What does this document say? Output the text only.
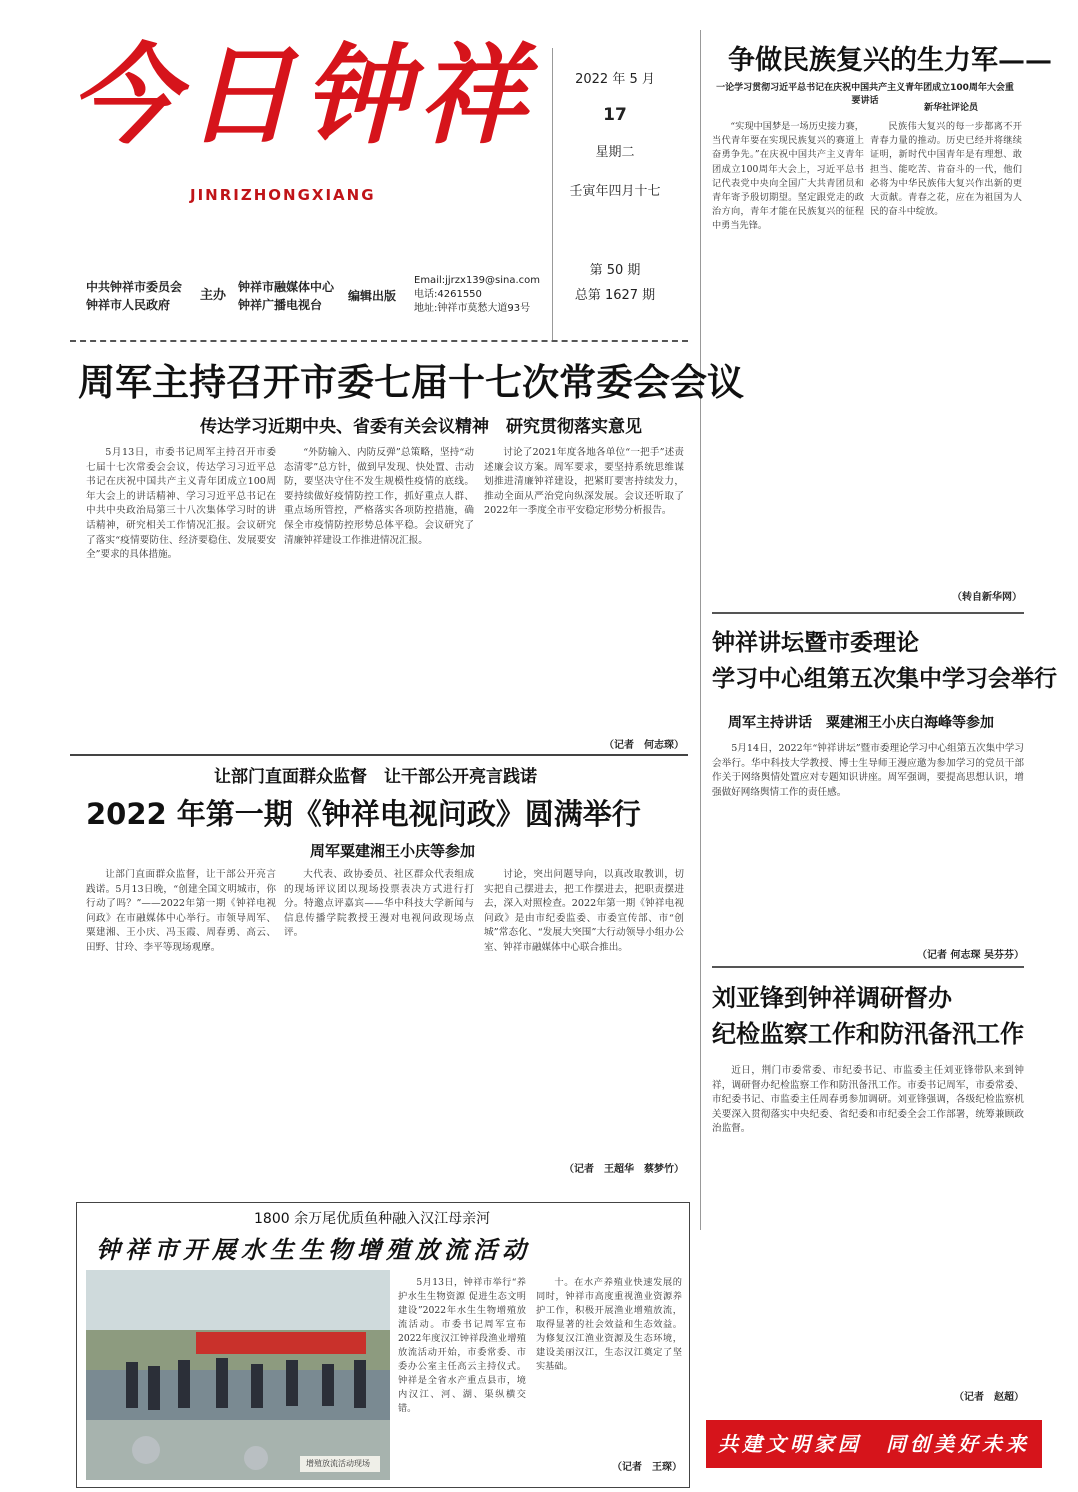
今日钟祥
JINRIZHONGXIANG
中共钟祥市委员会
钟祥市人民政府
主办
钟祥市融媒体中心
钟祥广播电视台
编辑出版
Email:jjrzx139@sina.com
电话:4261550
地址:钟祥市莫愁大道93号
2022 年 5 月
17
星期二
壬寅年四月十七
第 50 期
总第 1627 期
争做民族复兴的生力军——
一论学习贯彻习近平总书记在庆祝中国共产主义青年团成立100周年大会重要讲话
新华社评论员

“实现中国梦是一场历史接力赛，当代青年要在实现民族复兴的赛道上奋勇争先。”在庆祝中国共产主义青年团成立100周年大会上，习近平总书记代表党中央向全国广大共青团员和青年寄予殷切期望。坚定跟党走的政治方向，青年才能在民族复兴的征程中勇当先锋。

民族伟大复兴的每一步都离不开青春力量的推动。历史已经并将继续证明，新时代中国青年是有理想、敢担当、能吃苦、肯奋斗的一代，他们必将为中华民族伟大复兴作出新的更大贡献。青春之花，应在为祖国为人民的奋斗中绽放。

（转自新华网）
周军主持召开市委七届十七次常委会会议
传达学习近期中央、省委有关会议精神　研究贯彻落实意见

5月13日，市委书记周军主持召开市委七届十七次常委会会议，传达学习习近平总书记在庆祝中国共产主义青年团成立100周年大会上的讲话精神、学习习近平总书记在中共中央政治局第三十八次集体学习时的讲话精神，研究相关工作情况汇报。会议研究了落实“疫情要防住、经济要稳住、发展要安全”要求的具体措施。

“外防输入、内防反弹”总策略，坚持“动态清零”总方针，做到早发现、快处置、击动防，要坚决守住不发生规模性疫情的底线。要持续做好疫情防控工作，抓好重点人群、重点场所管控，严格落实各项防控措施，确保全市疫情防控形势总体平稳。会议研究了清廉钟祥建设工作推进情况汇报。

讨论了2021年度各地各单位“一把手”述责述廉会议方案。周军要求，要坚持系统思维谋划推进清廉钟祥建设，把紧盯要害持续发力，推动全面从严治党向纵深发展。会议还听取了2022年一季度全市平安稳定形势分析报告。

（记者　何志琛）
让部门直面群众监督　让干部公开亮言践诺
2022 年第一期《钟祥电视问政》圆满举行
周军粟建湘王小庆等参加

让部门直面群众监督，让干部公开亮言践诺。5月13日晚，“创建全国文明城市，你行动了吗？”——2022年第一期《钟祥电视问政》在市融媒体中心举行。市领导周军、粟建湘、王小庆、冯玉霞、周春勇、高云、田野、甘玲、李平等现场观摩。

大代表、政协委员、社区群众代表组成的现场评议团以现场投票表决方式进行打分。特邀点评嘉宾——华中科技大学新闻与信息传播学院教授王漫对电视问政现场点评。

讨论，突出问题导向，以真改取教训，切实把自己摆进去，把工作摆进去，把职责摆进去，深入对照检查。2022年第一期《钟祥电视问政》是由市纪委监委、市委宣传部、市“创城”常态化、“发展大突围”大行动领导小组办公室、钟祥市融媒体中心联合推出。

（记者　王超华　蔡梦竹）
钟祥讲坛暨市委理论
学习中心组第五次集中学习会举行
周军主持讲话　粟建湘王小庆白海峰等参加

5月14日，2022年“钟祥讲坛”暨市委理论学习中心组第五次集中学习会举行。华中科技大学教授、博士生导师王漫应邀为参加学习的党员干部作关于网络舆情处置应对专题知识讲座。周军强调，要提高思想认识，增强做好网络舆情工作的责任感。

（记者 何志琛 吴芬芬）
刘亚锋到钟祥调研督办
纪检监察工作和防汛备汛工作

近日，荆门市委常委、市纪委书记、市监委主任刘亚锋带队来到钟祥，调研督办纪检监察工作和防汛备汛工作。市委书记周军，市委常委、市纪委书记、市监委主任周春勇参加调研。刘亚锋强调，各级纪检监察机关要深入贯彻落实中央纪委、省纪委和市纪委全会工作部署，统筹兼顾政治监督。

（记者　赵超）
1800 余万尾优质鱼种融入汉江母亲河
钟祥市开展水生生物增殖放流活动
增殖放流活动现场

5月13日，钟祥市举行“养护水生生物资源 促进生态文明建设”2022年水生生物增殖放流活动。市委书记周军宣布2022年度汉江钟祥段渔业增殖放流活动开始，市委常委、市委办公室主任高云主持仪式。钟祥是全省水产重点县市，境内汉江、河、湖、渠纵横交错。

十。在水产养殖业快速发展的同时，钟祥市高度重视渔业资源养护工作，积极开展渔业增殖放流，取得显著的社会效益和生态效益。为修复汉江渔业资源及生态环境，建设美丽汉江，生态汉江奠定了坚实基础。

（记者　王琛）
共建文明家园　同创美好未来
